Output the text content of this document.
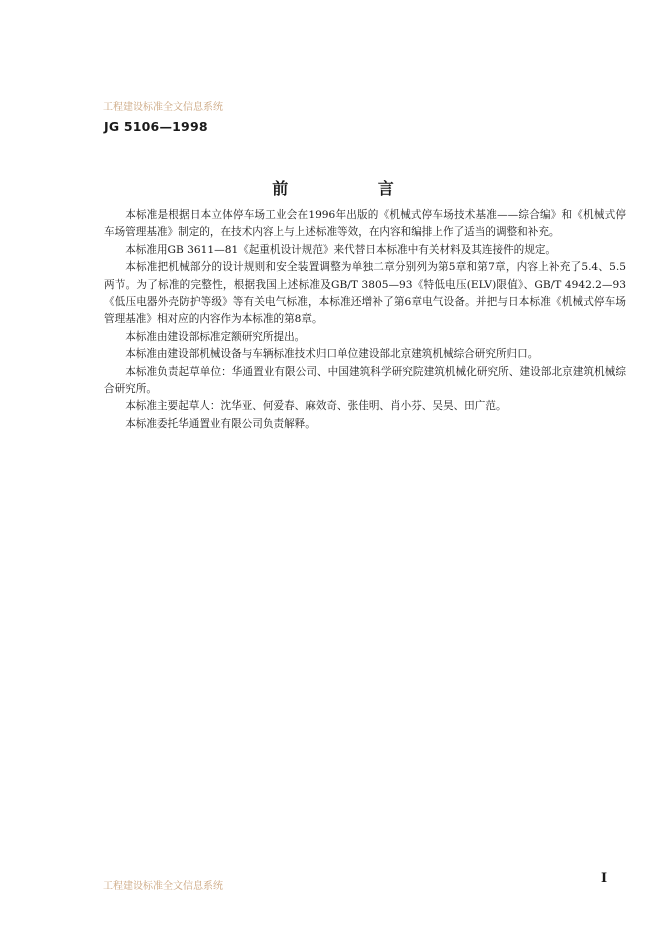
工程建设标准全文信息系统
JG 5106—1998
前 言

本标准是根据日本立体停车场工业会在1996年出版的《机械式停车场技术基准——综合编》和《机械式停车场管理基准》制定的，在技术内容上与上述标准等效，在内容和编排上作了适当的调整和补充。

本标准用GB 3611—81《起重机设计规范》来代替日本标准中有关材料及其连接件的规定。

本标准把机械部分的设计规则和安全装置调整为单独二章分别列为第5章和第7章，内容上补充了5.4、5.5两节。为了标准的完整性，根据我国上述标准及GB/T 3805—93《特低电压(ELV)限值》、GB/T 4942.2—93《低压电器外壳防护等级》等有关电气标准，本标准还增补了第6章电气设备。并把与日本标准《机械式停车场管理基准》相对应的内容作为本标准的第8章。

本标准由建设部标准定额研究所提出。

本标准由建设部机械设备与车辆标准技术归口单位建设部北京建筑机械综合研究所归口。

本标准负责起草单位：华通置业有限公司、中国建筑科学研究院建筑机械化研究所、建设部北京建筑机械综合研究所。

本标准主要起草人：沈华亚、何爱春、麻效奇、张佳明、肖小芬、吴昊、田广范。

本标准委托华通置业有限公司负责解释。

工程建设标准全文信息系统
I
